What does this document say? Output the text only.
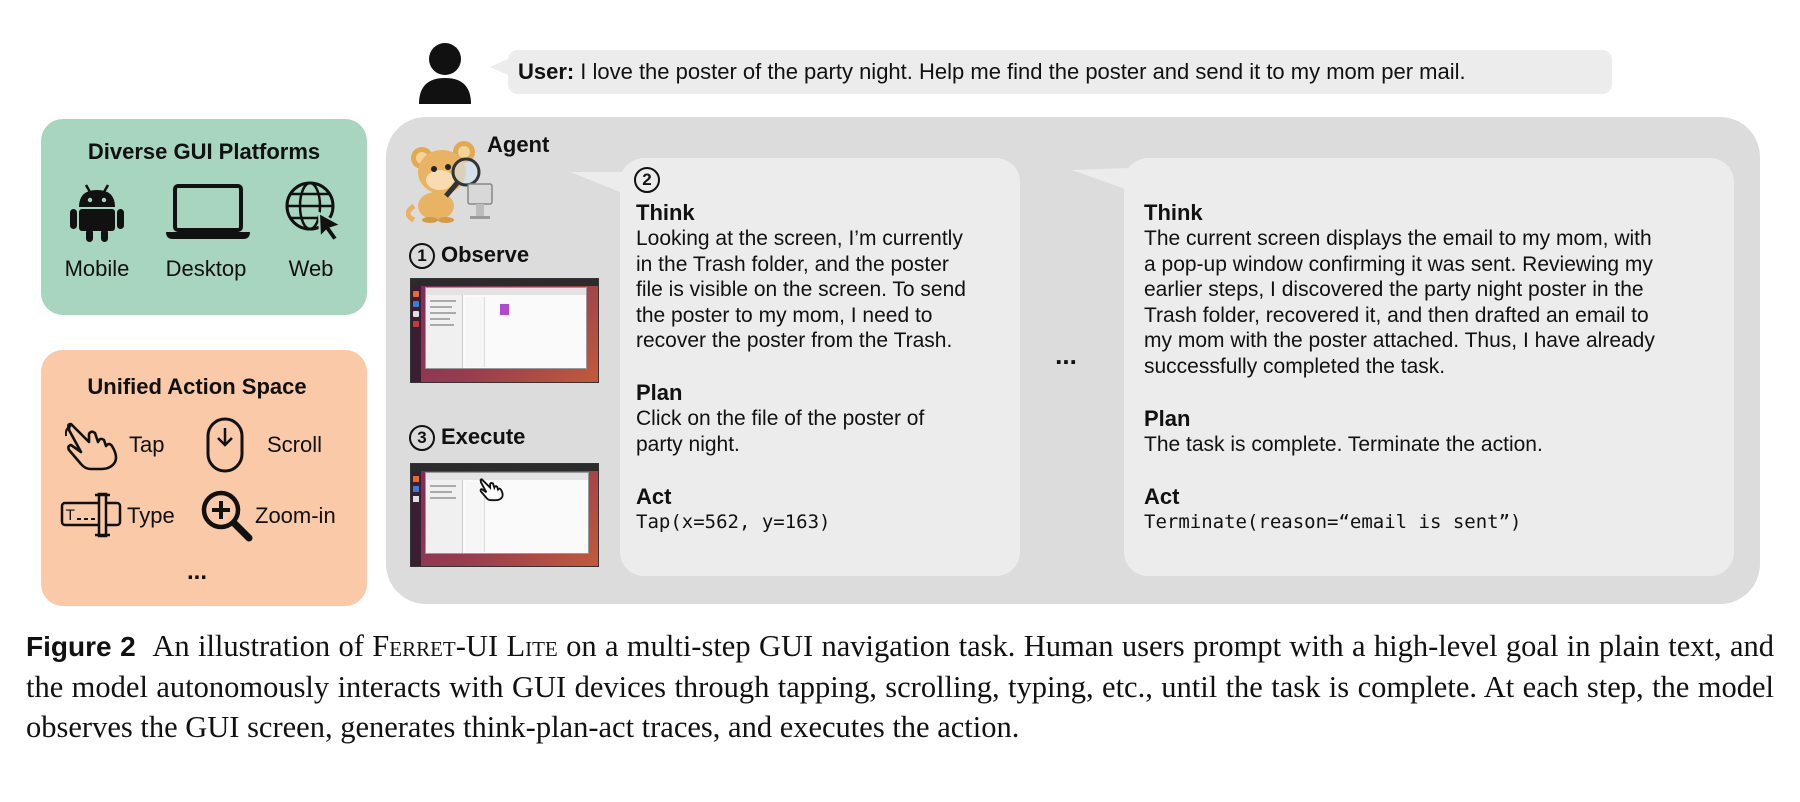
User: I love the poster of the party night. Help me find the poster and send it to my mom per mail.
Diverse GUI Platforms
Mobile	Desktop	Web
Unified Action Space
Tap	Scroll
T Type	Zoom-in
...
Agent
1 Observe
3 Execute
2
Think
Looking at the screen, I’m currently
in the Trash folder, and the poster
file is visible on the screen. To send
the poster to my mom, I need to
recover the poster from the Trash.
Plan
Click on the file of the poster of
party night.
Act
Tap(x=562, y=163)
...
Think
The current screen displays the email to my mom, with
a pop-up window confirming it was sent. Reviewing my
earlier steps, I discovered the party night poster in the
Trash folder, recovered it, and then drafted an email to
my mom with the poster attached. Thus, I have already
successfully completed the task.
Plan
The task is complete. Terminate the action.
Act
Terminate(reason=“email is sent”)
Figure 2 An illustration of Ferret-UI Lite on a multi-step GUI navigation task. Human users prompt with a high-level goal in plain text, and the model autonomously interacts with GUI devices through tapping, scrolling, typing, etc., until the task is complete. At each step, the model observes the GUI screen, generates think-plan-act traces, and executes the action.
